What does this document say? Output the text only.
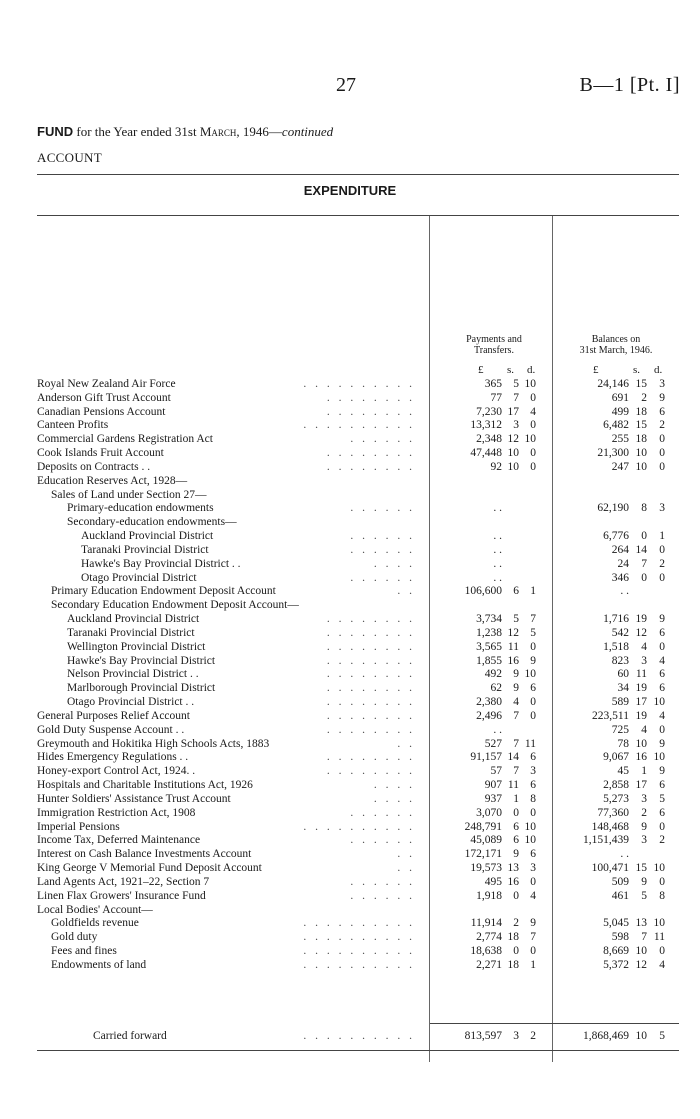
27	B—1 [Pt. I]
FUND for the Year ended 31st March, 1946—continued
ACCOUNT
EXPENDITURE
Payments and
Transfers.
Balances on
31st March, 1946.
£ s. d.	£	s. d.
Royal New Zealand Air Force	. . . . . . . . . .	365 5 10	24,146 15	3
Anderson Gift Trust Account	. . . . . . . .	77 7 0	691	2	9
Canadian Pensions Account	. . . . . . . .	7,230 17 4	499 18	6
Canteen Profits	. . . . . . . . . .	13,312 3 0	6,482 15	2
Commercial Gardens Registration Act	. . . . . .	2,348 12 10	255 18	0
Cook Islands Fruit Account	. . . . . . . .	47,448 10 0	21,300 10	0
Deposits on Contracts . .	. . . . . . . .	92 10 0	247 10	0
Education Reserves Act, 1928—
Sales of Land under Section 27—
Primary-education endowments	. . . . . .	. .	62,190	8	3
Secondary-education endowments—
Auckland Provincial District	. . . . . .	. .	6,776	0	1
Taranaki Provincial District	. . . . . .	. .	264 14	0
Hawke's Bay Provincial District . .	. . . .	. .	24	7	2
Otago Provincial District	. . . . . .	. .	346	0	0
Primary Education Endowment Deposit Account	. .	106,600 6 1	. .
Secondary Education Endowment Deposit Account—
Auckland Provincial District	. . . . . . . .	3,734 5 7	1,716 19	9
Taranaki Provincial District	. . . . . . . .	1,238 12 5	542 12	6
Wellington Provincial District	. . . . . . . .	3,565 11 0	1,518	4	0
Hawke's Bay Provincial District	. . . . . . . .	1,855 16 9	823	3	4
Nelson Provincial District . .	. . . . . . . .	492 9 10	60 11	6
Marlborough Provincial District	. . . . . . . .	62 9 6	34 19	6
Otago Provincial District . .	. . . . . . . .	2,380 4 0	589 17 10
General Purposes Relief Account	. . . . . . . .	2,496 7 0	223,511 19	4
Gold Duty Suspense Account . .	. . . . . . . .	. .	725	4	0
Greymouth and Hokitika High Schools Acts, 1883	. .	527 7 11	78 10	9
Hides Emergency Regulations . .	. . . . . . . .	91,157 14 6	9,067 16 10
Honey-export Control Act, 1924. .	. . . . . . . .	57 7 3	45	1	9
Hospitals and Charitable Institutions Act, 1926	. . . .	907 11 6	2,858 17	6
Hunter Soldiers' Assistance Trust Account	. . . .	937 1 8	5,273	3	5
Immigration Restriction Act, 1908	. . . . . .	3,070 0 0	77,360	2	6
Imperial Pensions	. . . . . . . . . .	248,791 6 10	148,468	9	0
Income Tax, Deferred Maintenance	. . . . . .	45,089 6 10	1,151,439	3	2
Interest on Cash Balance Investments Account	. .	172,171 9 6	. .
King George V Memorial Fund Deposit Account	. .	19,573 13 3	100,471 15 10
Land Agents Act, 1921–22, Section 7	. . . . . .	495 16 0	509	9	0
Linen Flax Growers' Insurance Fund	. . . . . .	1,918 0 4	461	5	8
Local Bodies' Account—
Goldfields revenue	. . . . . . . . . .	11,914 2 9	5,045 13 10
Gold duty	. . . . . . . . . .	2,774 18 7	598	7 11
Fees and fines	. . . . . . . . . .	18,638 0 0	8,669 10	0
Endowments of land	. . . . . . . . . .	2,271 18 1	5,372 12	4
Carried forward	. . . . . . . . . .	813,597 3 2	1,868,469 10	5
